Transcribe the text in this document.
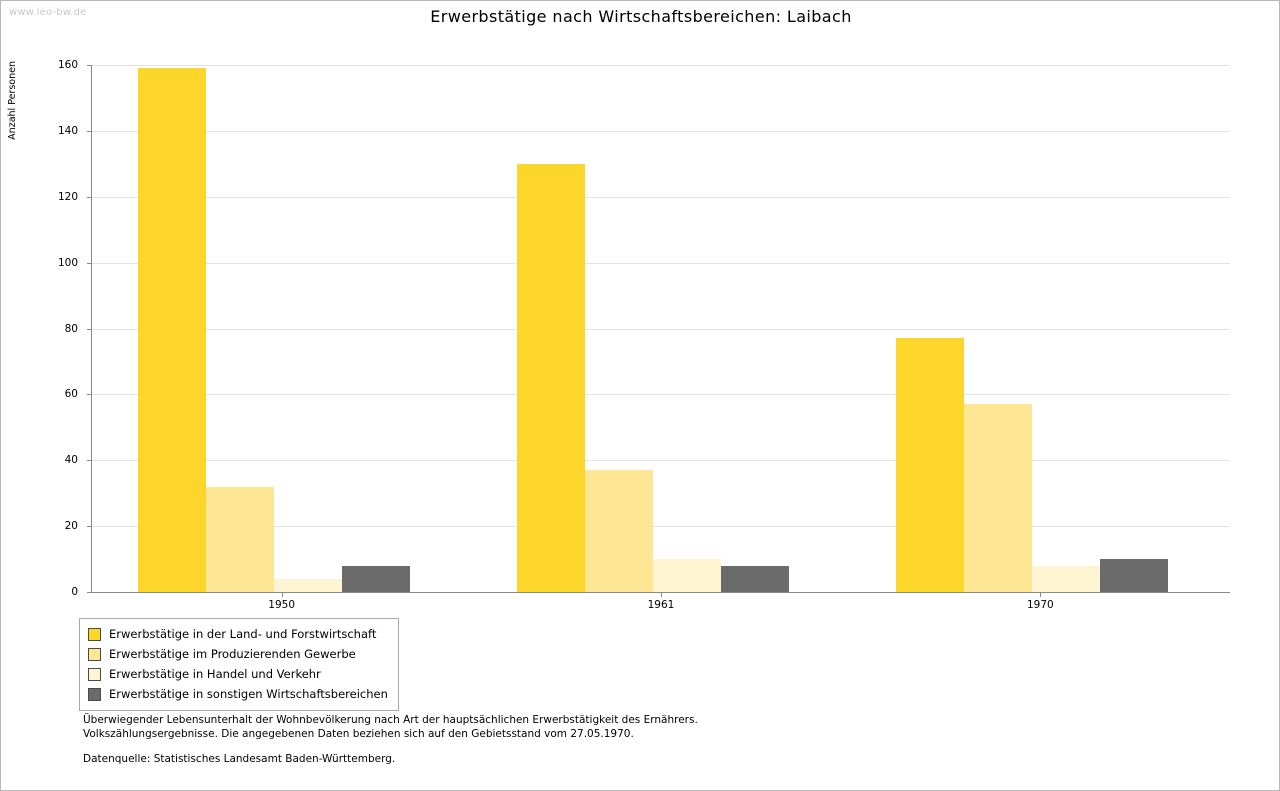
www.leo-bw.de	Erwerbstätige nach Wirtschaftsbereichen: Laibach
Anzahl Personen
0
20
40
60
80
100
120
140
160
1950	1961	1970
Erwerbstätige in der Land- und Forstwirtschaft
Erwerbstätige im Produzierenden Gewerbe
Erwerbstätige in Handel und Verkehr
Erwerbstätige in sonstigen Wirtschaftsbereichen
Überwiegender Lebensunterhalt der Wohnbevölkerung nach Art der hauptsächlichen Erwerbstätigkeit des Ernährers.
Volkszählungsergebnisse. Die angegebenen Daten beziehen sich auf den Gebietsstand vom 27.05.1970.
Datenquelle: Statistisches Landesamt Baden-Württemberg.
